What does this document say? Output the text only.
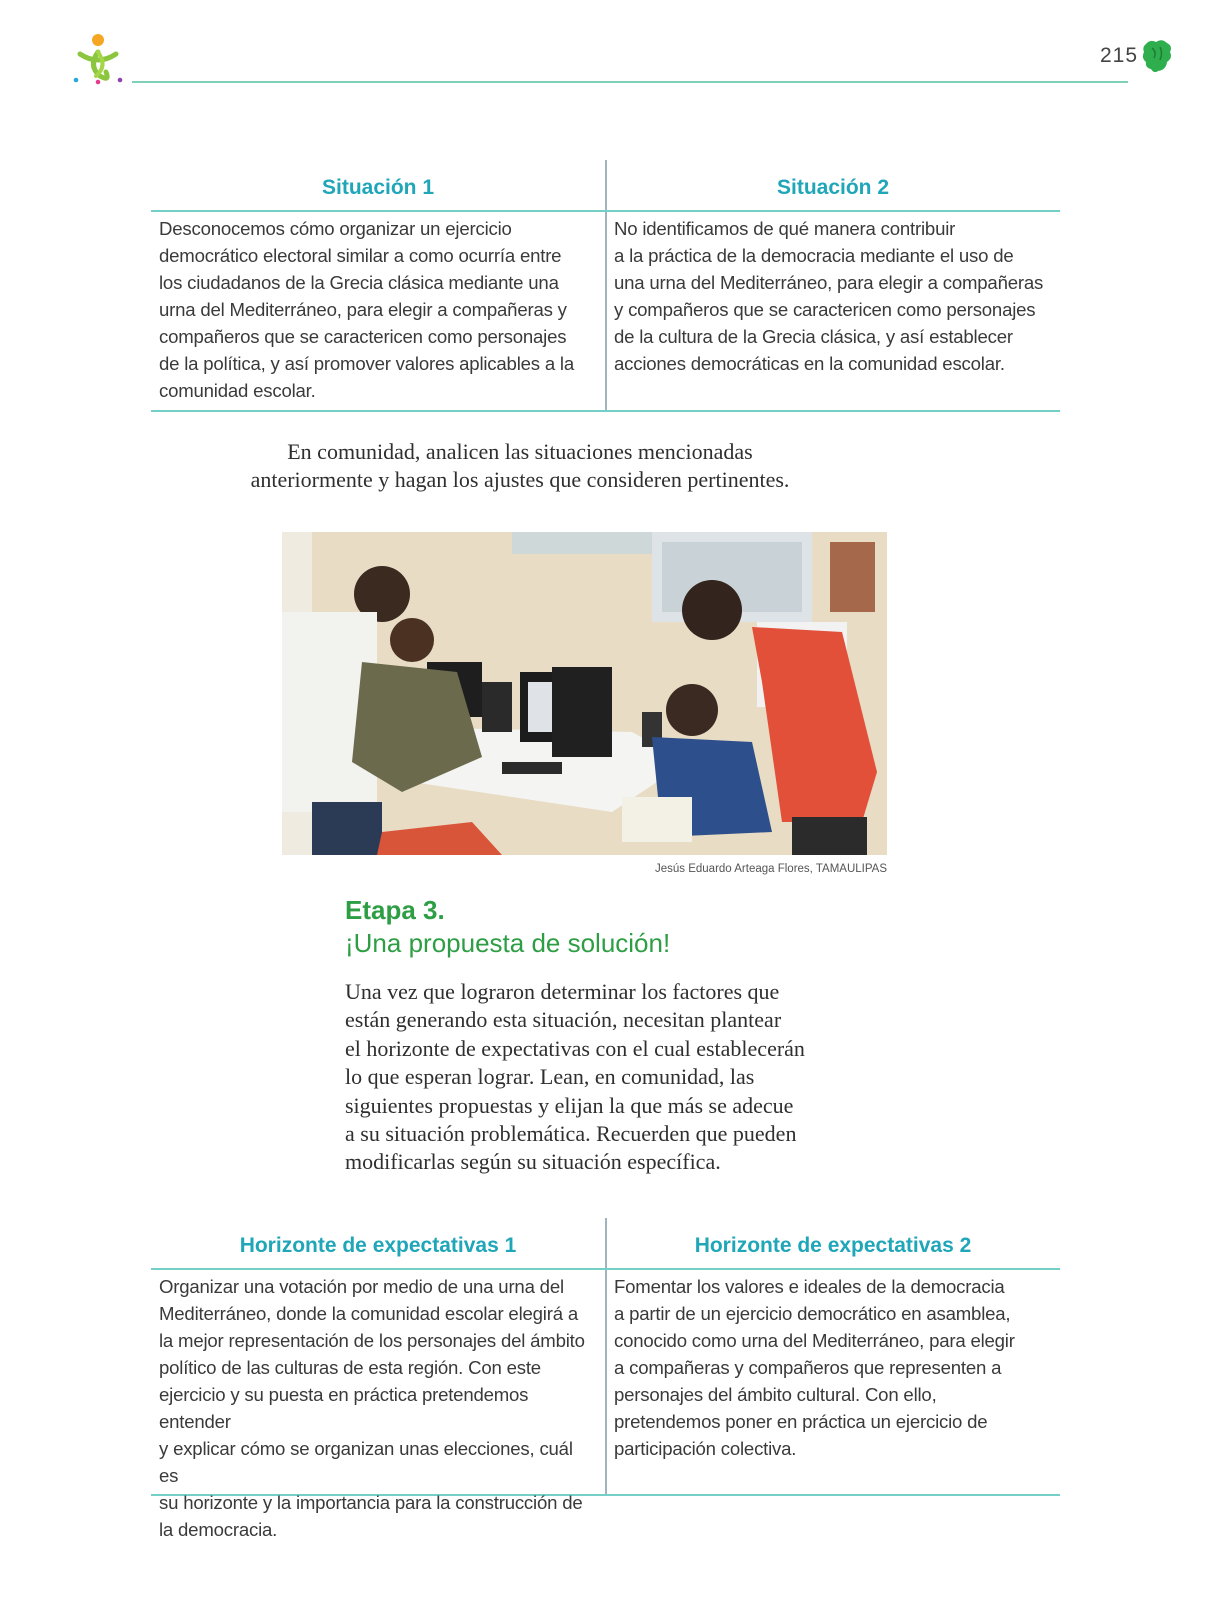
215
Situación 1
Desconocemos cómo organizar un ejercicio
democrático electoral similar a como ocurría entre
los ciudadanos de la Grecia clásica mediante una
urna del Mediterráneo, para elegir a compañeras y
compañeros que se caractericen como personajes
de la política, y así promover valores aplicables a la
comunidad escolar.
Situación 2
No identificamos de qué manera contribuir
a la práctica de la democracia mediante el uso de
una urna del Mediterráneo, para elegir a compañeras
y compañeros que se caractericen como personajes
de la cultura de la Grecia clásica, y así establecer
acciones democráticas en la comunidad escolar.
En comunidad, analicen las situaciones mencionadas
anteriormente y hagan los ajustes que consideren pertinentes.
Jesús Eduardo Arteaga Flores, TAMAULIPAS
Etapa 3.
¡Una propuesta de solución!
Una vez que lograron determinar los factores que
están generando esta situación, necesitan plantear
el horizonte de expectativas con el cual establecerán
lo que esperan lograr. Lean, en comunidad, las
siguientes propuestas y elijan la que más se adecue
a su situación problemática. Recuerden que pueden
modificarlas según su situación específica.
Horizonte de expectativas 1
Organizar una votación por medio de una urna del
Mediterráneo, donde la comunidad escolar elegirá a
la mejor representación de los personajes del ámbito
político de las culturas de esta región. Con este
ejercicio y su puesta en práctica pretendemos entender
y explicar cómo se organizan unas elecciones, cuál es
su horizonte y la importancia para la construcción de
la democracia.
Horizonte de expectativas 2
Fomentar los valores e ideales de la democracia
a partir de un ejercicio democrático en asamblea,
conocido como urna del Mediterráneo, para elegir
a compañeras y compañeros que representen a
personajes del ámbito cultural. Con ello,
pretendemos poner en práctica un ejercicio de
participación colectiva.
